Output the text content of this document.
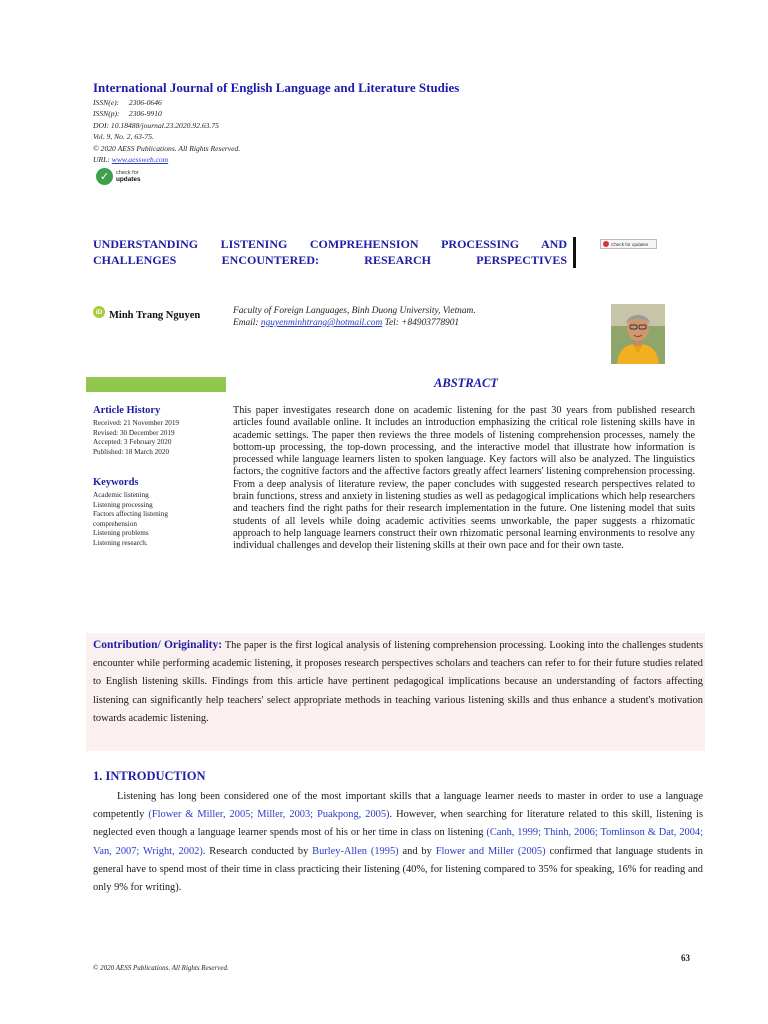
International Journal of English Language and Literature Studies
ISSN(e): 2306-0646
ISSN(p): 2306-9910
DOI: 10.18488/journal.23.2020.92.63.75
Vol. 9, No. 2, 63-75.
© 2020 AESS Publications. All Rights Reserved.
URL: www.aessweb.com
✓	check for
updates
UNDERSTANDING LISTENING COMPREHENSION PROCESSING AND CHALLENGES ENCOUNTERED: RESEARCH PERSPECTIVES
Check for updates
iD Minh Trang Nguyen	Faculty of Foreign Languages, Binh Duong University, Vietnam.
Email: nguyenminhtrang@hotmail.com Tel: +84903778901
ABSTRACT
Article History
Received: 21 November 2019
Revised: 30 December 2019
Accepted: 3 February 2020
Published: 18 March 2020
Keywords
Academic listening
Listening processing
Factors affecting listening comprehension
Listening problems
Listening research.
This paper investigates research done on academic listening for the past 30 years from published research articles found available online. It includes an introduction emphasizing the critical role listening skills have in academic settings. The paper then reviews the three models of listening comprehension processes, namely the bottom-up processing, the top-down processing, and the interactive model that illustrate how information is processed while language learners listen to spoken language. Key factors will also be analyzed. The linguistics factors, the cognitive factors and the affective factors greatly affect learners' listening comprehension processing. From a deep analysis of literature review, the paper concludes with suggested research perspectives related to brain functions, stress and anxiety in listening studies as well as pedagogical implications which help researchers and teachers find the right paths for their research implementation in the future. One listening model that suits students of all levels while doing academic activities seems unworkable, the paper suggests a rhizomatic approach to help language learners construct their own rhizomatic personal learning environments to resolve any individual challenges and develop their listening skills at their own pace and for their own taste.
Contribution/ Originality: The paper is the first logical analysis of listening comprehension processing. Looking into the challenges students encounter while performing academic listening, it proposes research perspectives scholars and teachers can refer to for their future studies related to English listening skills. Findings from this article have pertinent pedagogical implications because an understanding of factors affecting listening can significantly help teachers' select appropriate methods in teaching various listening skills and thus enhance a student's motivation towards academic listening.
1. INTRODUCTION

Listening has long been considered one of the most important skills that a language learner needs to master in order to use a language competently (Flower & Miller, 2005; Miller, 2003; Puakpong, 2005). However, when searching for literature related to this skill, listening is neglected even though a language learner spends most of his or her time in class on listening (Canh, 1999; Thinh, 2006; Tomlinson & Dat, 2004; Van, 2007; Wright, 2002). Research conducted by Burley-Allen (1995) and by Flower and Miller (2005) confirmed that language students in general have to spend most of their time in class practicing their listening (40%, for listening compared to 35% for speaking, 16% for reading and only 9% for writing).

63
© 2020 AESS Publications. All Rights Reserved.
